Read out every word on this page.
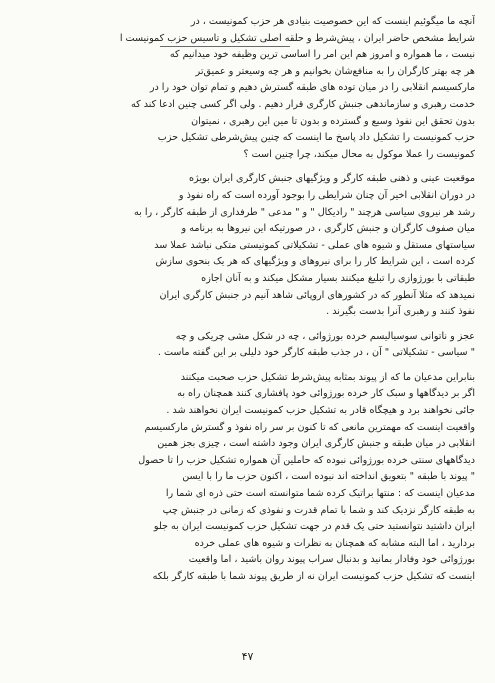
آنچه ما میگوئیم اینست که این خصوصیت بنیادی هر حزب کمونیست ، در
شرایط مشخص حاضر ایران ، پیش‌شرط و حلقه اصلی تشکیل و تاسیس حزب کمونیست ا
نیست ، ما همواره و امروز هم این امر را اساسی ترین وظیفه خود میدانیم که
هر چه بهتر کارگران را به منافع‌شان بخوانیم و هر چه وسیعتر و عمیق‌تر
مارکسیسم انقلابی را در میان توده های طبقه گسترش دهیم و تمام توان خود را در
خدمت رهبری و سازماندهی جنبش کارگری قرار دهیم . ولی اگر کسی چنین ادعا کند که
بدون تحقق این نفوذ وسیع و گسترده و بدون تا مین این رهبری ، نمیتوان
حزب کمونیست را تشکیل داد پاسخ ما اینست که چنین پیش‌شرطی تشکیل حزب
کمونیست را عملا موکول به محال میکند، چرا چنین است ؟
موقعیت عینی و ذهنی طبقه کارگر و ویژگیهای جنبش کارگری ایران بویژه
در دوران انقلابی اخیر آن چنان شرایطی را بوجود آورده است که راه نفوذ و
رشد هر نیروی سیاسی هرچند " رادیکال " و " مدعی " طرفداری از طبقه کارگر ، را به
میان صفوف کارگران و جنبش کارگری ، در صورتیکه این نیروها به برنامه و
سیاستهای مستقل و شیوه های عملی - تشکیلاتی کمونیستی متکی نباشد عملا سد
کرده است ، این شرایط کار را برای نیروهای و ویژگیهای که هر یک بنحوی سازش
طبقاتی با بورژوازی را تبلیغ میکنند بسیار مشکل میکند و به آنان اجازه
نمیدهد که مثلا آنطور که در کشورهای اروپائی شاهد آنیم در جنبش کارگری ایران
نفوذ کنند و رهبری آنرا بدست بگیرند .
عجز و ناتوانی سوسیالیسم خرده بورژوائی ، چه در شکل مشی چریکی و چه
" سیاسی - تشکیلاتی " آن ، در جذب طبقه کارگر خود دلیلی بر این گفته ماست .
بنابراین مدعیان ما که از پیوند بمثابه پیش‌شرط تشکیل حزب صحبت میکنند
اگر بر دیدگاهها و سبک کار خرده بورژوائی خود پافشاری کنند همچنان راه به
جائی نخواهند برد و هیچگاه قادر به تشکیل حزب کمونیست ایران نخواهند شد .
واقعیت اینست که مهمترین مانعی که تا کنون بر سر راه نفوذ و گسترش مارکسیسم
انقلابی در میان طبقه و جنبش کارگری ایران وجود داشته است ، چیزی بجز همین
دیدگاههای سنتی خرده بورژوائی نبوده که حاملین آن همواره تشکیل حزب را تا حصول
" پیوند با طبقه " بتعویق انداخته اند نبوده است ، اکنون حزب ما را با ایسن
مدعیان اینست که : منتها براتیک کرده شما متوانسته است حتی ذره ای شما را
به طبقه کارگر نزدیک کند و شما با تمام قدرت و نفوذی که زمانی در جنبش چپ
ایران داشتید نتوانستید حتی یک قدم در جهت تشکیل حزب کمونیست ایران به جلو
بردارید ، اما البته مشابه که همچنان به نظرات و شیوه های عملی خرده
بورژوائی خود وفادار بمانید و بدنبال سراب پیوند روان باشید ، اما واقعیت
اینست که تشکیل حزب کمونیست ایران نه از طریق پیوند شما با طبقه کارگر بلکه
۴۷
